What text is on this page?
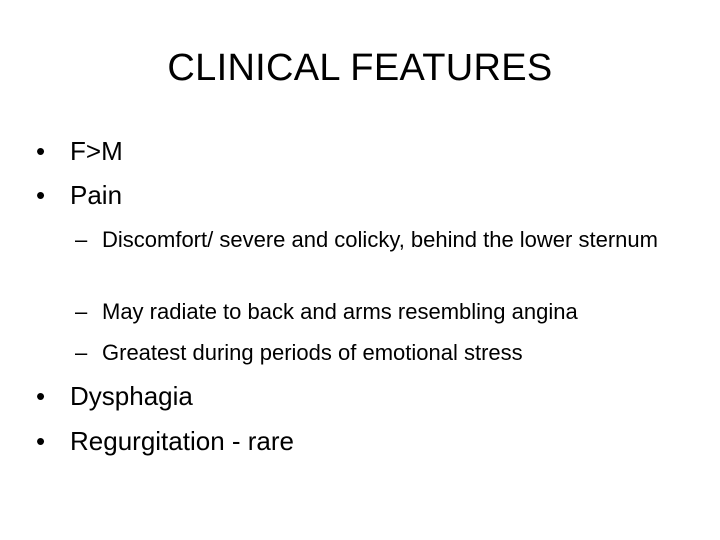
CLINICAL FEATURES
• F>M
• Pain
– Discomfort/ severe and colicky, behind the lower sternum
– May radiate to back and arms resembling angina
– Greatest during periods of emotional stress
• Dysphagia
• Regurgitation - rare
